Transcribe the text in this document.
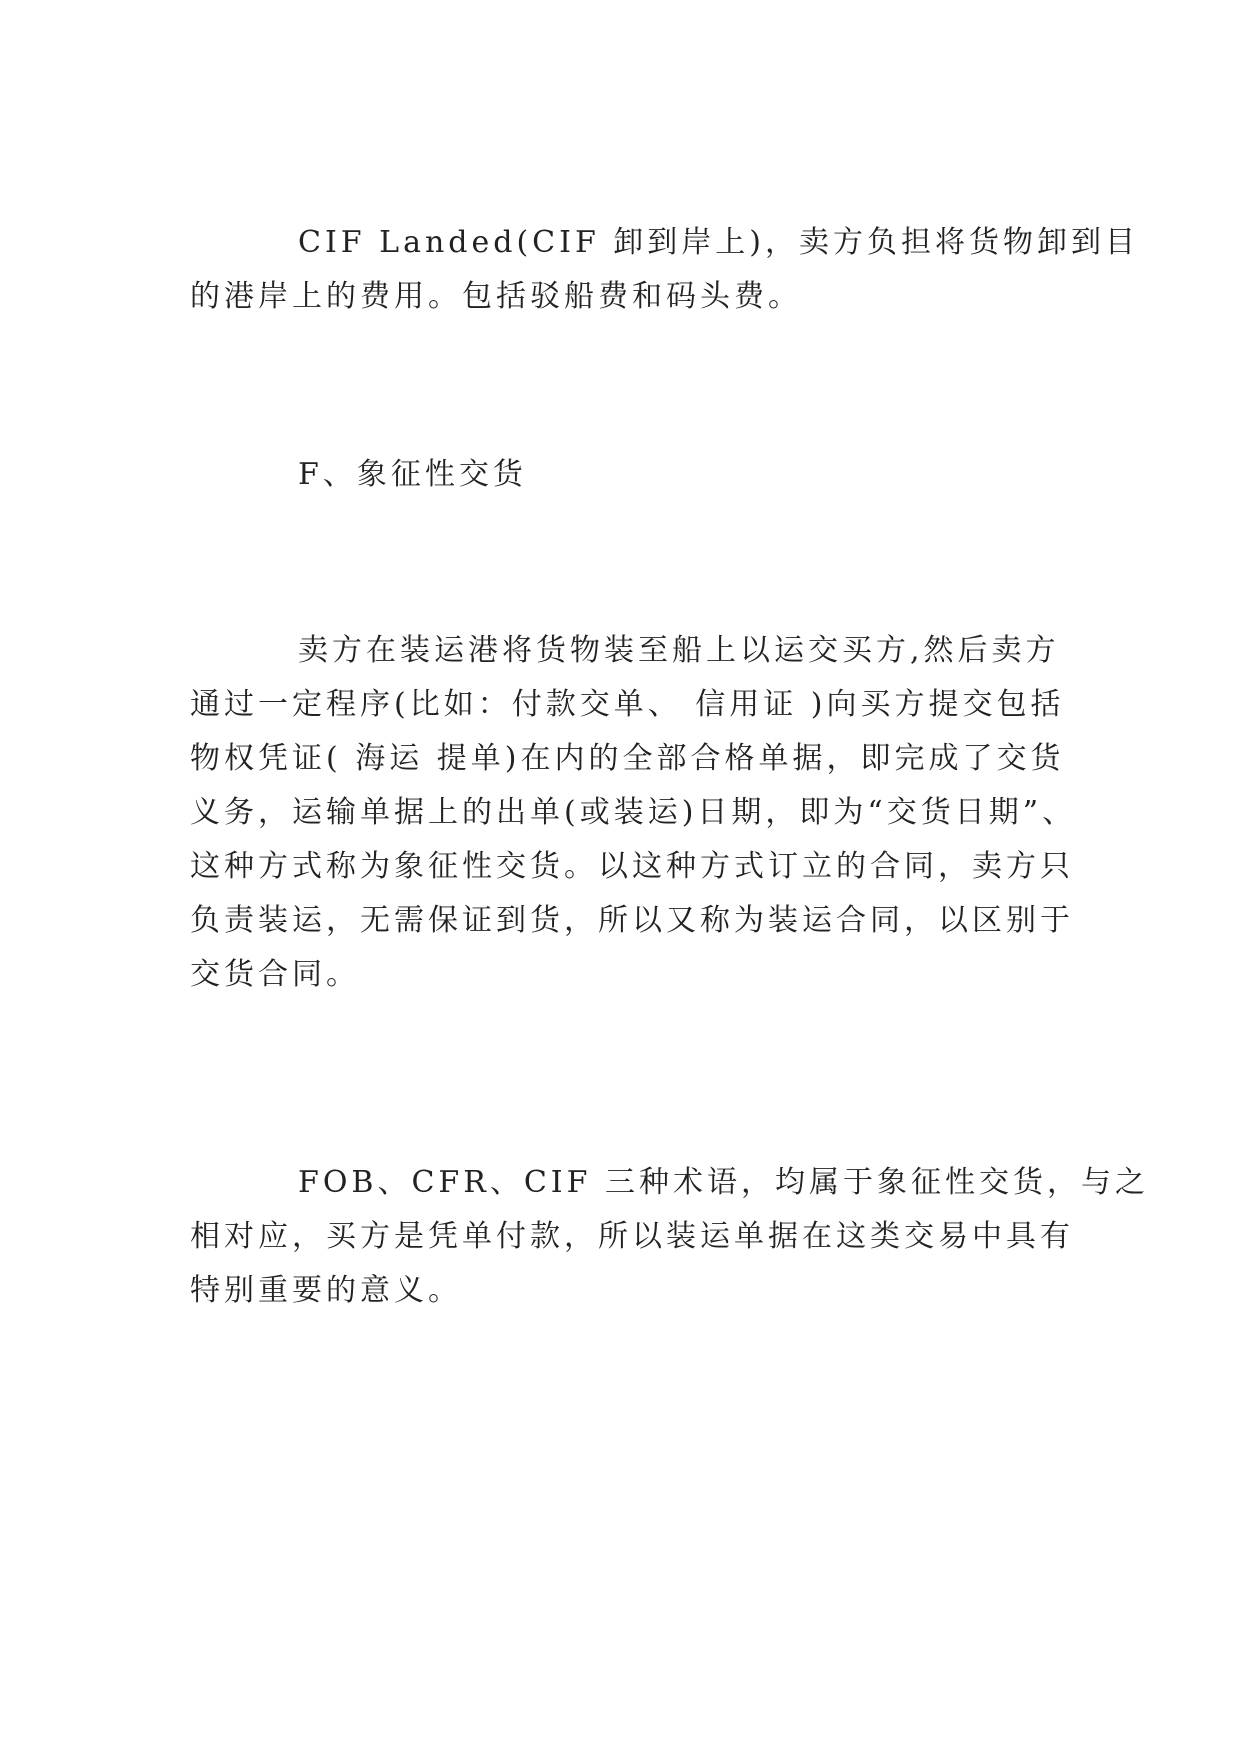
CIF Landed(CIF 卸到岸上)，卖方负担将货物卸到目
的港岸上的费用。包括驳船费和码头费。

F、象征性交货

卖方在装运港将货物装至船上以运交买方,然后卖方
通过一定程序(比如：付款交单、 信用证 )向买方提交包括
物权凭证( 海运 提单)在内的全部合格单据，即完成了交货
义务，运输单据上的出单(或装运)日期，即为“交货日期”、
这种方式称为象征性交货。以这种方式订立的合同，卖方只
负责装运，无需保证到货，所以又称为装运合同，以区别于
交货合同。

FOB、CFR、CIF 三种术语，均属于象征性交货，与之
相对应，买方是凭单付款，所以装运单据在这类交易中具有
特别重要的意义。
